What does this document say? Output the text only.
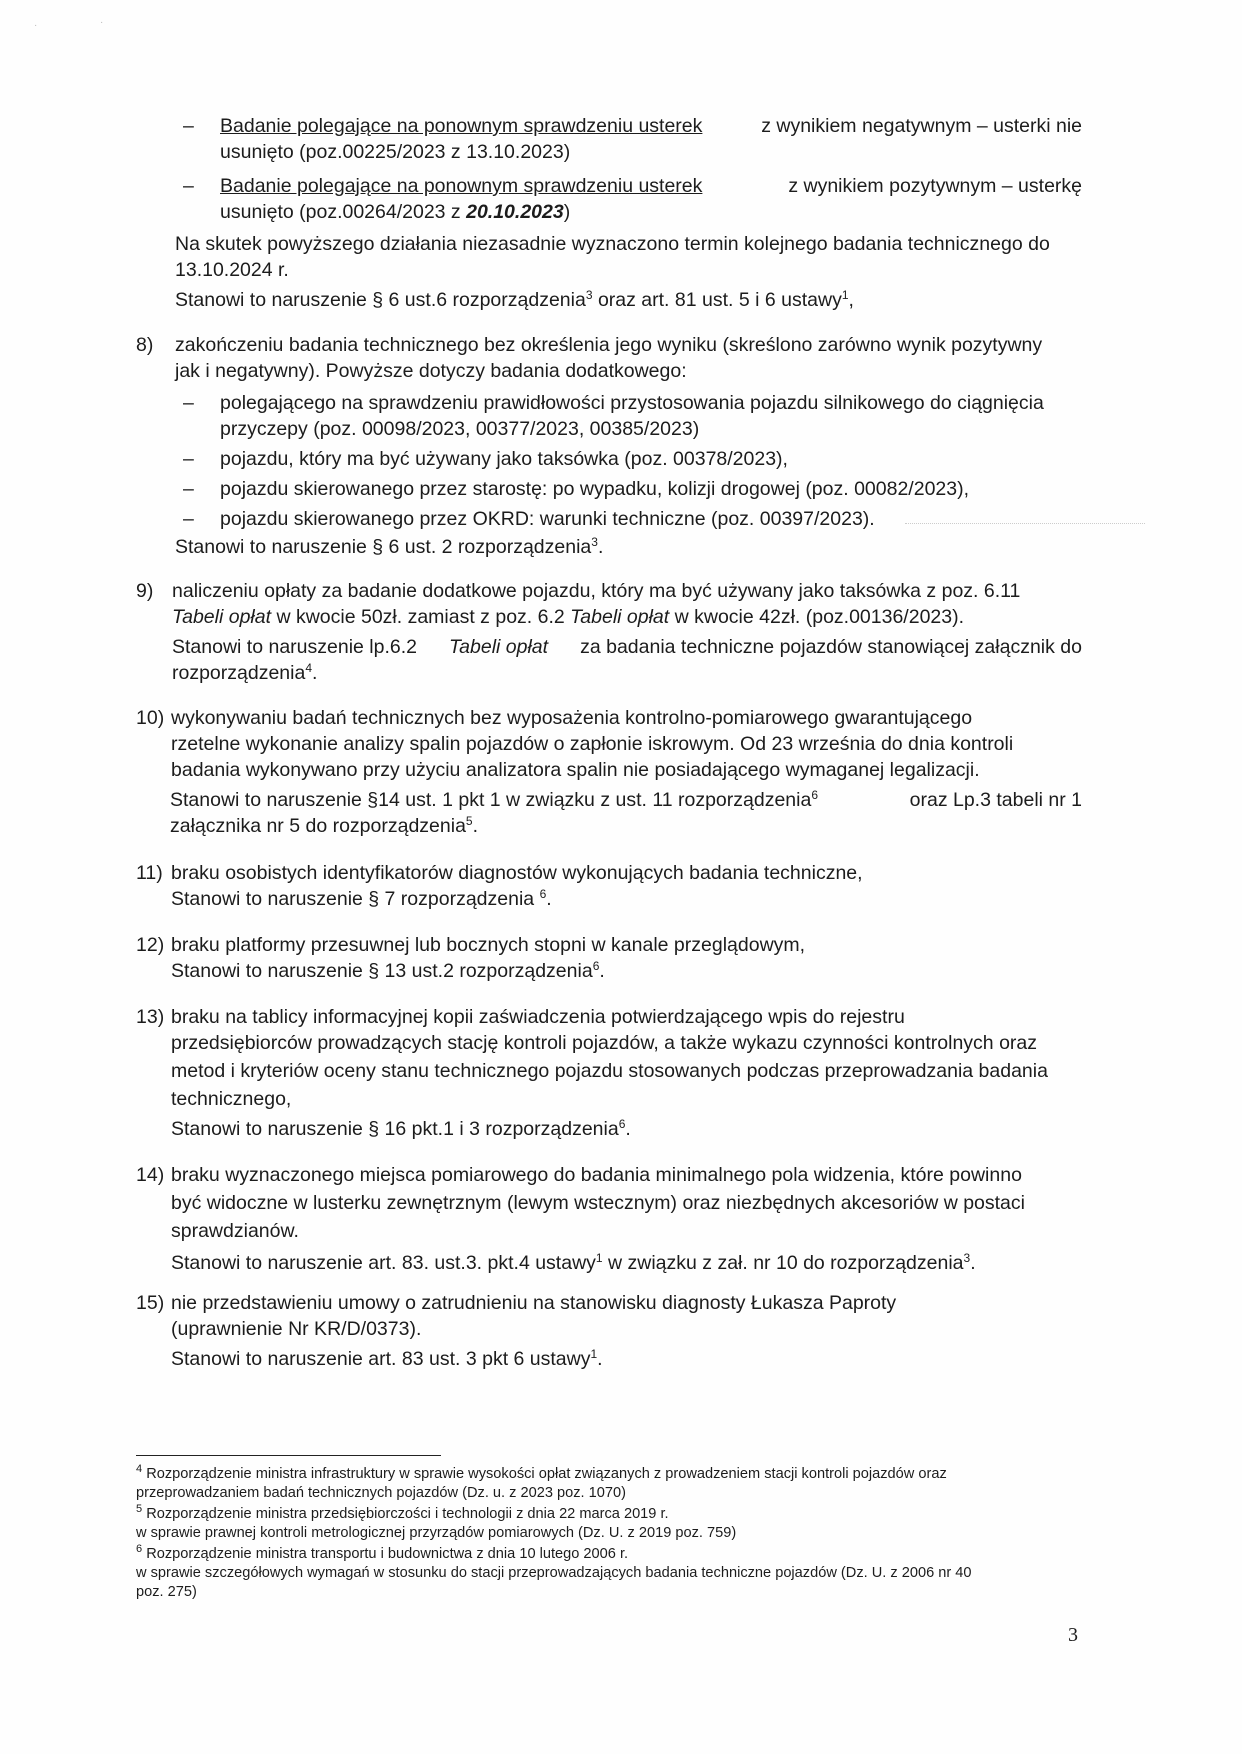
·	·
– Badanie polegające na ponownym sprawdzeniu usterek	z wynikiem negatywnym – usterki nie
usunięto (poz.00225/2023 z 13.10.2023)
– Badanie polegające na ponownym sprawdzeniu usterek	z wynikiem pozytywnym – usterkę
usunięto (poz.00264/2023 z 20.10.2023)
Na skutek powyższego działania niezasadnie wyznaczono termin kolejnego badania technicznego do
13.10.2024 r.
Stanowi to naruszenie § 6 ust.6 rozporządzenia$^3$ oraz art. 81 ust. 5 i 6 ustawy$^1$,
8) zakończeniu badania technicznego bez określenia jego wyniku (skreślono zarówno wynik pozytywny
jak i negatywny). Powyższe dotyczy badania dodatkowego:
– polegającego na sprawdzeniu prawidłowości przystosowania pojazdu silnikowego do ciągnięcia
przyczepy (poz. 00098/2023, 00377/2023, 00385/2023)
– pojazdu, który ma być używany jako taksówka (poz. 00378/2023),
– pojazdu skierowanego przez starostę: po wypadku, kolizji drogowej (poz. 00082/2023),
– pojazdu skierowanego przez OKRD: warunki techniczne (poz. 00397/2023).
Stanowi to naruszenie § 6 ust. 2 rozporządzenia$^3$.
9) naliczeniu opłaty za badanie dodatkowe pojazdu, który ma być używany jako taksówka z poz. 6.11
Tabeli opłat w kwocie 50zł. zamiast z poz. 6.2 Tabeli opłat w kwocie 42zł. (poz.00136/2023).
Stanowi to naruszenie lp.6.2 Tabeli opłat za badania techniczne pojazdów stanowiącej załącznik do
rozporządzenia$^4$.
10) wykonywaniu badań technicznych bez wyposażenia kontrolno-pomiarowego gwarantującego
rzetelne wykonanie analizy spalin pojazdów o zapłonie iskrowym. Od 23 września do dnia kontroli
badania wykonywano przy użyciu analizatora spalin nie posiadającego wymaganej legalizacji.
Stanowi to naruszenie §14 ust. 1 pkt 1 w związku z ust. 11 rozporządzenia$^6$	oraz Lp.3 tabeli nr 1
załącznika nr 5 do rozporządzenia$^5$.
11) braku osobistych identyfikatorów diagnostów wykonujących badania techniczne,
Stanowi to naruszenie § 7 rozporządzenia $^6$.
12) braku platformy przesuwnej lub bocznych stopni w kanale przeglądowym,
Stanowi to naruszenie § 13 ust.2 rozporządzenia$^6$.
13) braku na tablicy informacyjnej kopii zaświadczenia potwierdzającego wpis do rejestru
przedsiębiorców prowadzących stację kontroli pojazdów, a także wykazu czynności kontrolnych oraz
metod i kryteriów oceny stanu technicznego pojazdu stosowanych podczas przeprowadzania badania
technicznego,
Stanowi to naruszenie § 16 pkt.1 i 3 rozporządzenia$^6$.
14) braku wyznaczonego miejsca pomiarowego do badania minimalnego pola widzenia, które powinno
być widoczne w lusterku zewnętrznym (lewym wstecznym) oraz niezbędnych akcesoriów w postaci
sprawdzianów.
Stanowi to naruszenie art. 83. ust.3. pkt.4 ustawy$^1$ w związku z zał. nr 10 do rozporządzenia$^3$.
15) nie przedstawieniu umowy o zatrudnieniu na stanowisku diagnosty Łukasza Paproty
(uprawnienie Nr KR/D/0373).
Stanowi to naruszenie art. 83 ust. 3 pkt 6 ustawy$^1$.
$^4$ Rozporządzenie ministra infrastruktury w sprawie wysokości opłat związanych z prowadzeniem stacji kontroli pojazdów oraz
przeprowadzaniem badań technicznych pojazdów (Dz. u. z 2023 poz. 1070)
$^5$ Rozporządzenie ministra przedsiębiorczości i technologii z dnia 22 marca 2019 r.
w sprawie prawnej kontroli metrologicznej przyrządów pomiarowych (Dz. U. z 2019 poz. 759)
$^6$ Rozporządzenie ministra transportu i budownictwa z dnia 10 lutego 2006 r.
w sprawie szczegółowych wymagań w stosunku do stacji przeprowadzających badania techniczne pojazdów (Dz. U. z 2006 nr 40
poz. 275)
3
